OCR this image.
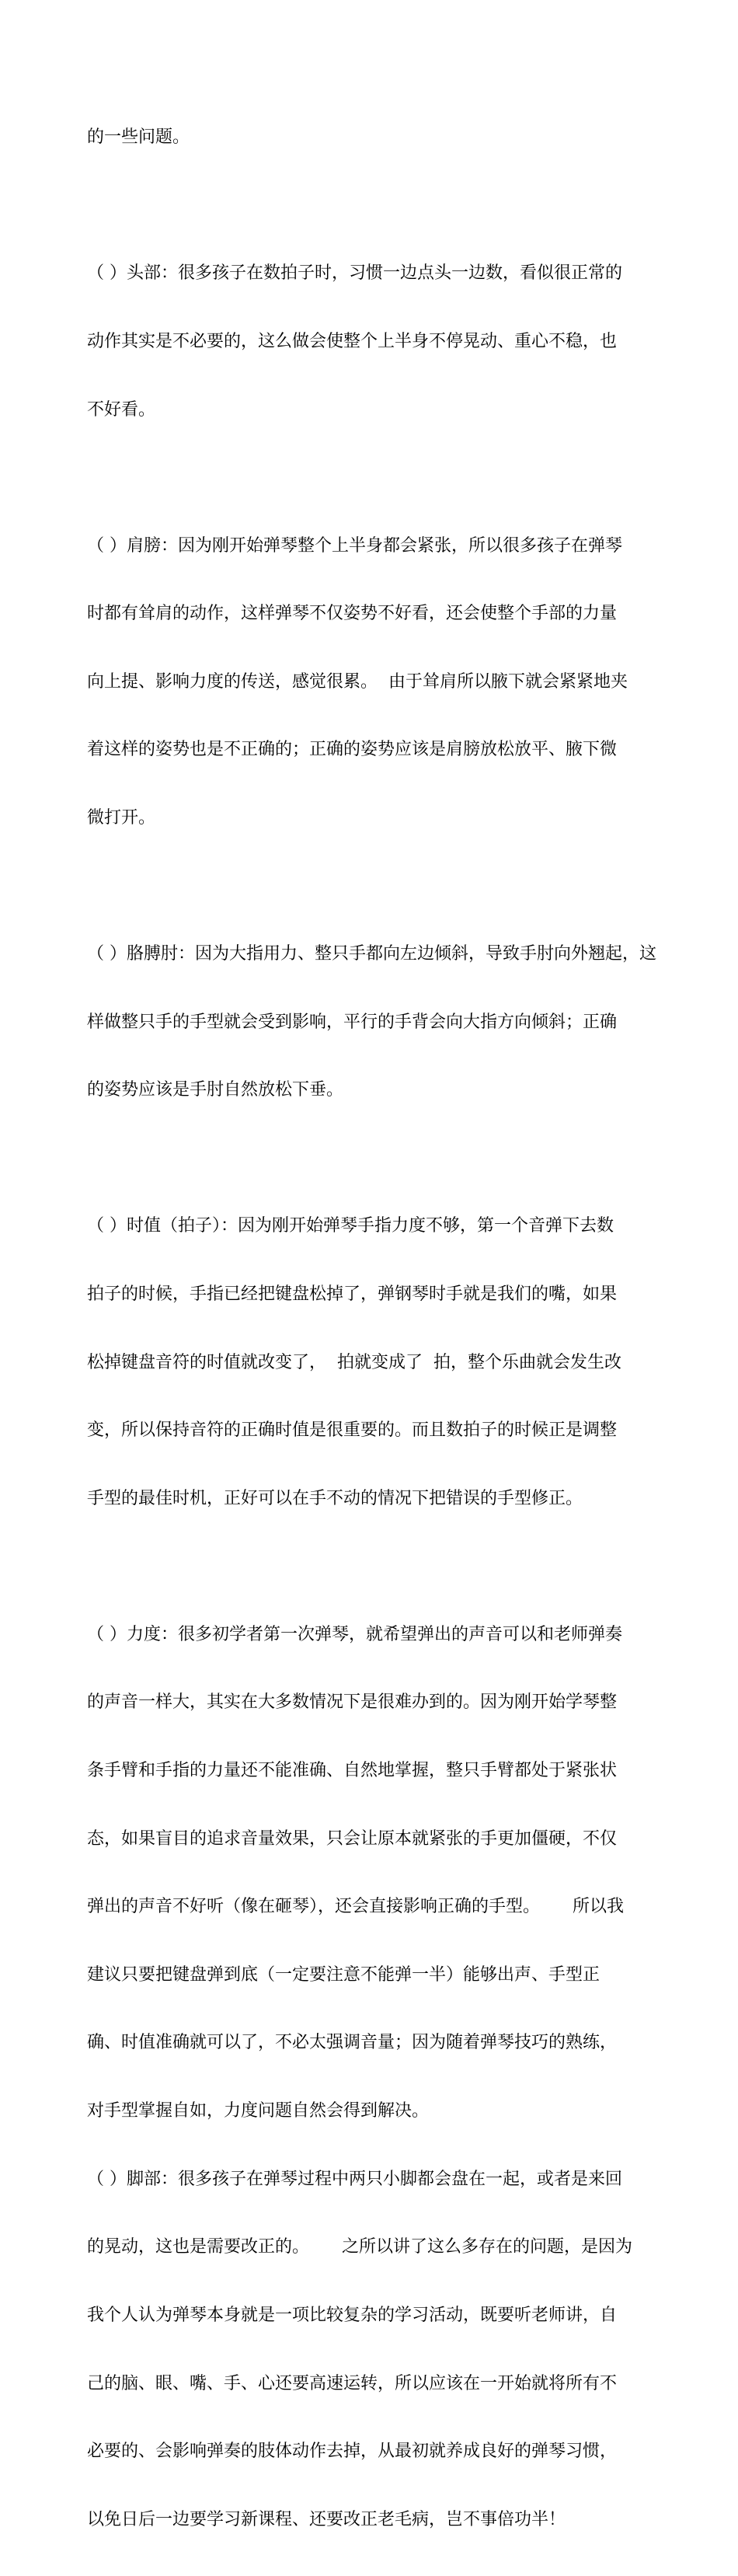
的一些问题。

（ ）头部：很多孩子在数拍子时，习惯一边点头一边数，看似很正常的

动作其实是不必要的，这么做会使整个上半身不停晃动、重心不稳，也

不好看。

（ ）肩膀：因为刚开始弹琴整个上半身都会紧张，所以很多孩子在弹琴

时都有耸肩的动作，这样弹琴不仅姿势不好看，还会使整个手部的力量

向上提、影响力度的传送，感觉很累。  由于耸肩所以腋下就会紧紧地夹

着这样的姿势也是不正确的；正确的姿势应该是肩膀放松放平、腋下微

微打开。

（ ）胳膊肘：因为大指用力、整只手都向左边倾斜，导致手肘向外翘起，这

样做整只手的手型就会受到影响，平行的手背会向大指方向倾斜；正确

的姿势应该是手肘自然放松下垂。

（ ）时值（拍子）：因为刚开始弹琴手指力度不够，第一个音弹下去数

拍子的时候，手指已经把键盘松掉了，弹钢琴时手就是我们的嘴，如果

松掉键盘音符的时值就改变了，  拍就变成了  拍，整个乐曲就会发生改

变，所以保持音符的正确时值是很重要的。而且数拍子的时候正是调整

手型的最佳时机，正好可以在手不动的情况下把错误的手型修正。

（ ）力度：很多初学者第一次弹琴，就希望弹出的声音可以和老师弹奏

的声音一样大，其实在大多数情况下是很难办到的。因为刚开始学琴整

条手臂和手指的力量还不能准确、自然地掌握，整只手臂都处于紧张状

态，如果盲目的追求音量效果，只会让原本就紧张的手更加僵硬，不仅

弹出的声音不好听（像在砸琴），还会直接影响正确的手型。      所以我

建议只要把键盘弹到底（一定要注意不能弹一半）能够出声、手型正

确、时值准确就可以了，不必太强调音量；因为随着弹琴技巧的熟练，

对手型掌握自如，力度问题自然会得到解决。

（ ）脚部：很多孩子在弹琴过程中两只小脚都会盘在一起，或者是来回

的晃动，这也是需要改正的。      之所以讲了这么多存在的问题，是因为

我个人认为弹琴本身就是一项比较复杂的学习活动，既要听老师讲，自

己的脑、眼、嘴、手、心还要高速运转，所以应该在一开始就将所有不

必要的、会影响弹奏的肢体动作去掉，从最初就养成良好的弹琴习惯，

以免日后一边要学习新课程、还要改正老毛病，岂不事倍功半！
